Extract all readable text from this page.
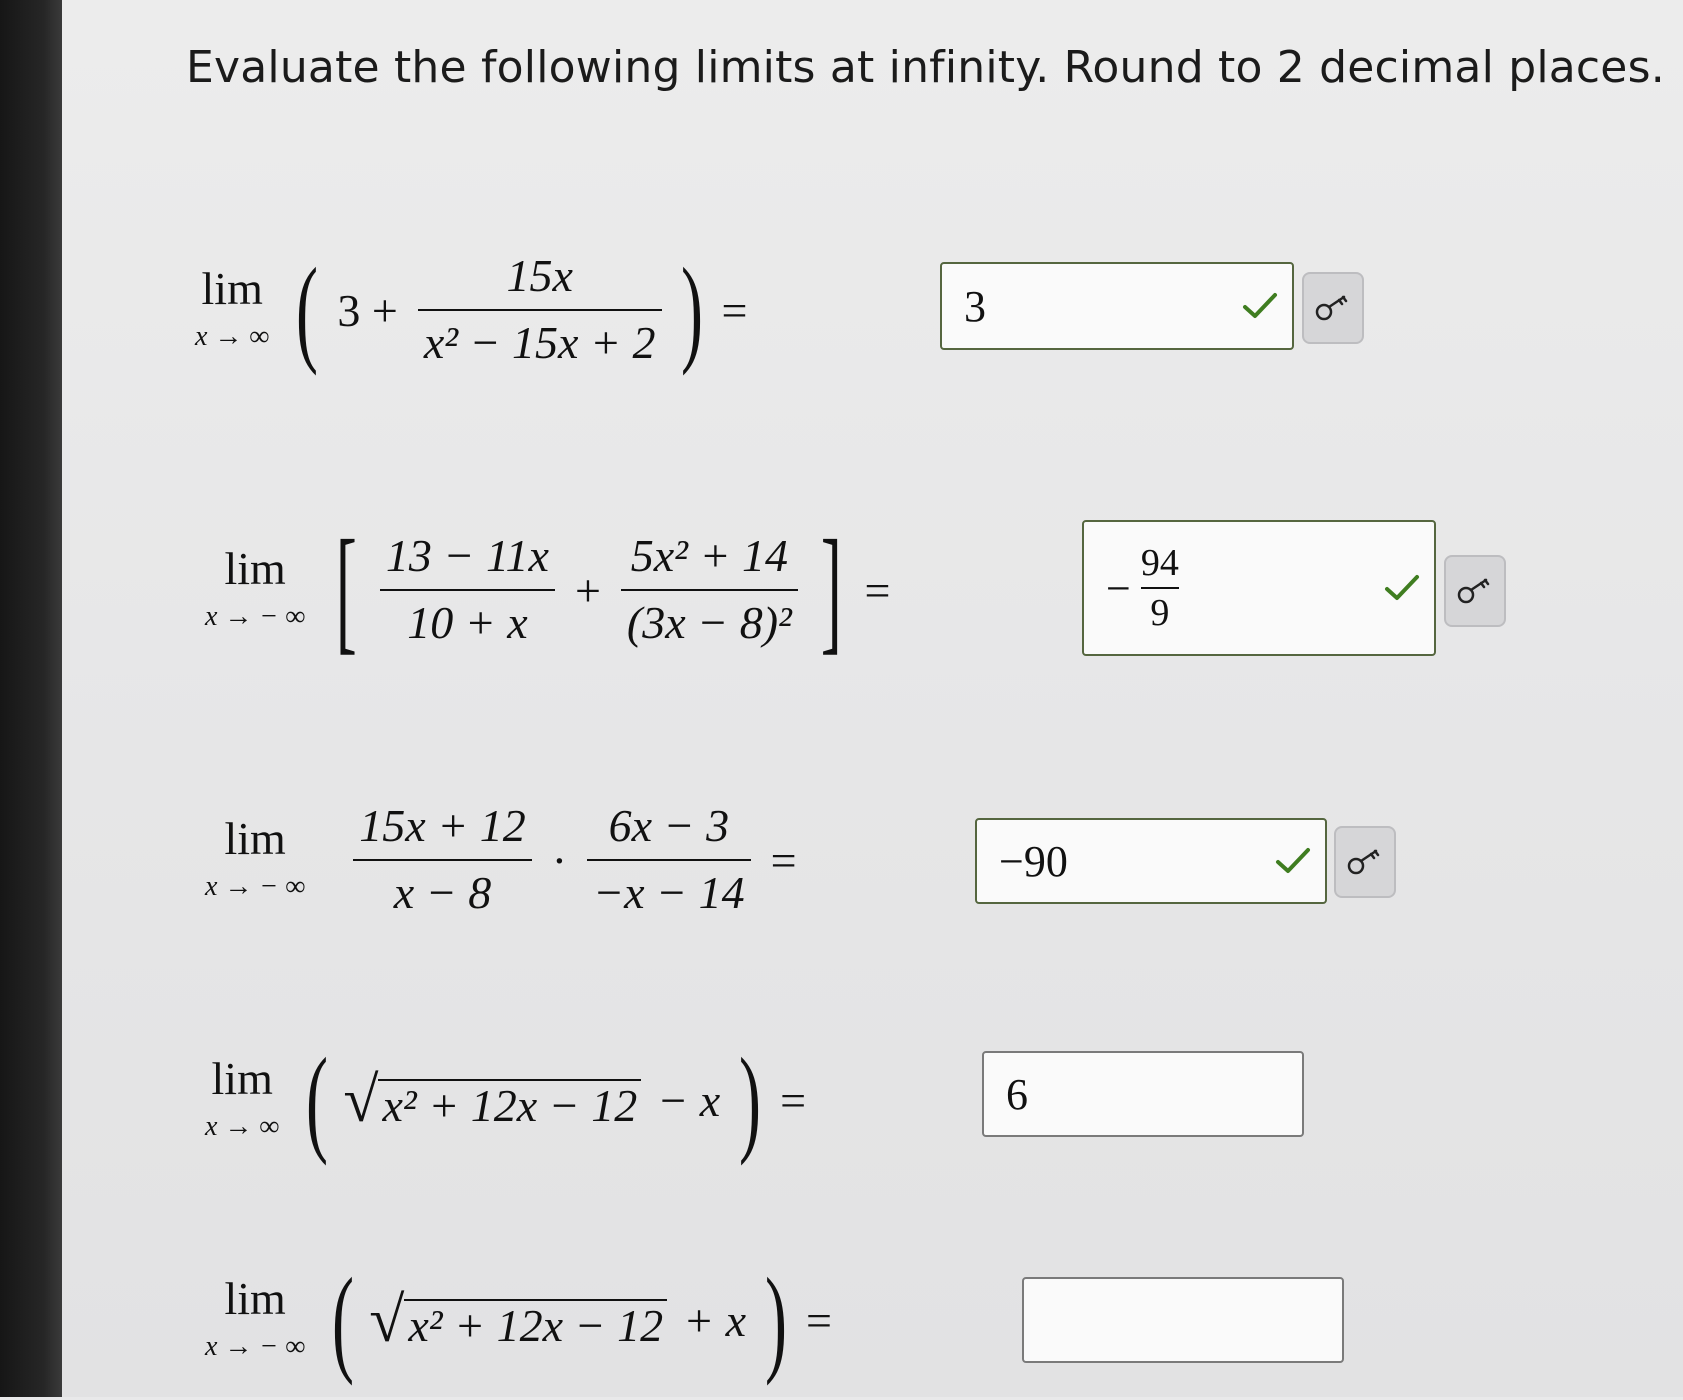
Evaluate the following limits at infinity. Round to 2 decimal places.
lim
x → ∞ ( $3 + \frac{15x}{\text{x² − 15x + 2}}$ ) =	3
lim
x → − ∞ [ $\frac{13 - 11x}{10 + x} + \frac{\text{5x² + 14}}{\text{(3x − 8)²}}$ ] =	− $\frac{94}{9}$
lim
x → − ∞ $\frac{15x + 12}{x - 8} \cdot \frac{6x - 3}{-x - 14}$ =	−90
lim
x → ∞ ( √ x² + 12x − 12 − x ) =	6
lim
x → − ∞ ( √ x² + 12x − 12 + x ) =
